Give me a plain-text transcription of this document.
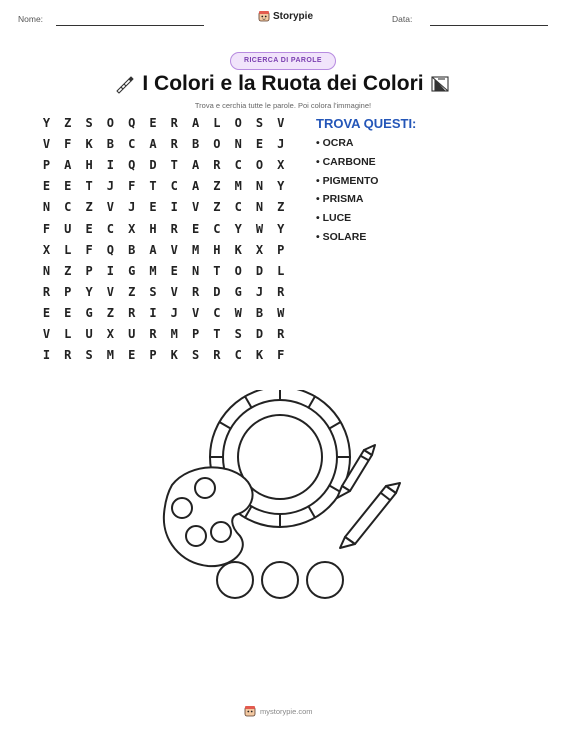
Nome:	Storypie	Data:
RICERCA DI PAROLE
I Colori e la Ruota dei Colori
Trova e cerchia tutte le parole. Poi colora l'immagine!
Y	Z	S	O	Q	E	R	A	L	O	S	V
V	F	K	B	C	A	R	B	O	N	E	J
P	A	H	I	Q	D	T	A	R	C	O	X
E	E	T	J	F	T	C	A	Z	M	N	Y
N	C	Z	V	J	E	I	V	Z	C	N	Z
F	U	E	C	X	H	R	E	C	Y	W	Y
X	L	F	Q	B	A	V	M	H	K	X	P
N	Z	P	I	G	M	E	N	T	O	D	L
R	P	Y	V	Z	S	V	R	D	G	J	R
E	E	G	Z	R	I	J	V	C	W	B	W
V	L	U	X	U	R	M	P	T	S	D	R
I	R	S	M	E	P	K	S	R	C	K	F
TROVA QUESTI:
• OCRA
• CARBONE
• PIGMENTO
• PRISMA
• LUCE
• SOLARE
mystorypie.com
